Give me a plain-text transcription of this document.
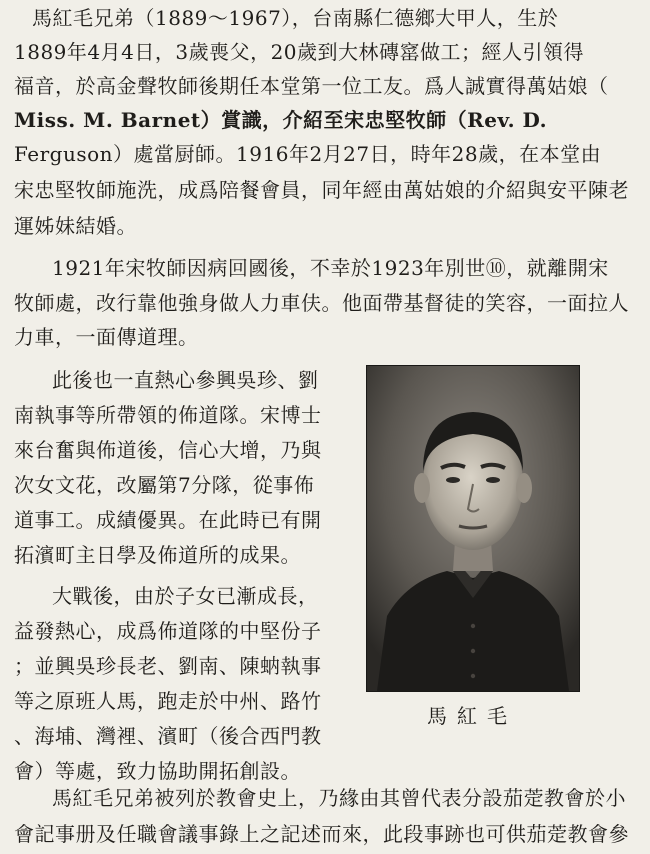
馬紅毛兄弟（1889～1967），台南縣仁德鄉大甲人，生於

1889年4月4日，3歲喪父，20歲到大林磚窰做工；經人引領得

福音，於高金聲牧師後期任本堂第一位工友。爲人誠實得萬姑娘（

Miss. M. Barnet）賞識，介紹至宋忠堅牧師（Rev. D.

Ferguson）處當厨師。1916年2月27日，時年28歲，在本堂由

宋忠堅牧師施洗，成爲陪餐會員，同年經由萬姑娘的介紹與安平陳老

運姊妹結婚。

1921年宋牧師因病回國後，不幸於1923年別世⑩，就離開宋

牧師處，改行靠他強身做人力車伕。他面帶基督徒的笑容，一面拉人

力車，一面傳道理。

此後也一直熱心參興吳珍、劉

南執事等所帶領的佈道隊。宋博士

來台奮與佈道後，信心大增，乃與

次女文花，改屬第7分隊，從事佈

道事工。成績優異。在此時已有開

拓濱町主日學及佈道所的成果。

大戰後，由於子女已漸成長，

益發熱心，成爲佈道隊的中堅份子

；並興吳珍長老、劉南、陳蚋執事

等之原班人馬，跑走於中州、路竹

、海埔、灣裡、濱町（後合西門教

會）等處，致力協助開拓創設。

馬紅毛兄弟被列於教會史上，乃緣由其曾代表分設茄萣教會於小

會記事册及任職會議事錄上之記述而來，此段事跡也可供茄萣教會參

馬紅毛
